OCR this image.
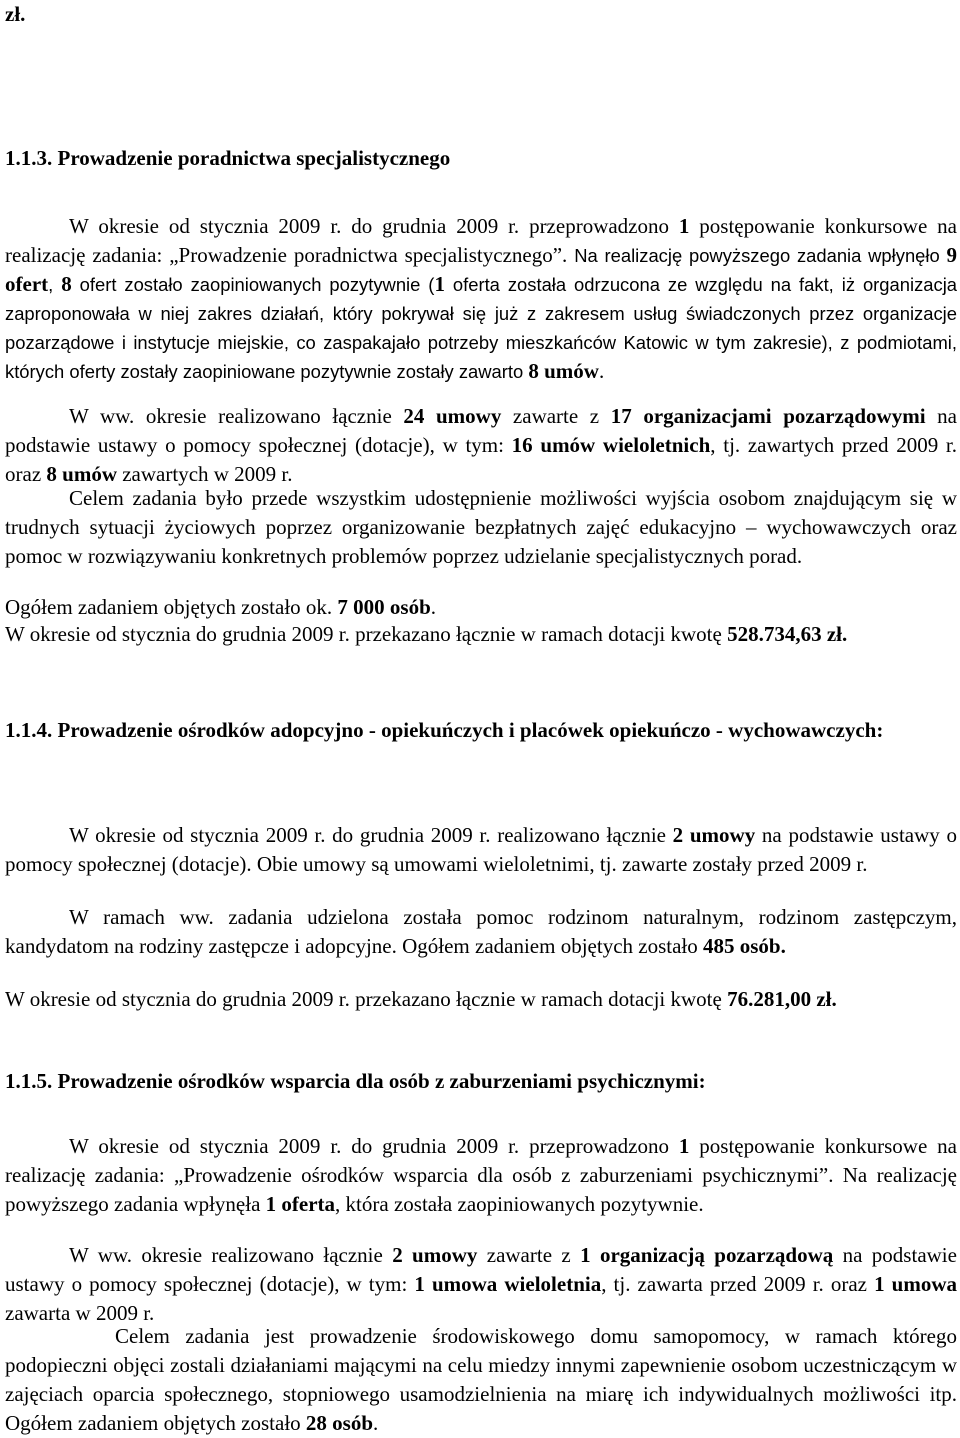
zł.

1.1.3. Prowadzenie poradnictwa specjalistycznego

W okresie od stycznia 2009 r. do grudnia 2009 r. przeprowadzono 1 postępowanie konkursowe na realizację zadania: „Prowadzenie poradnictwa specjalistycznego”. Na realizację powyższego zadania wpłynęło 9 ofert, 8 ofert zostało zaopiniowanych pozytywnie (1 oferta została odrzucona ze względu na fakt, iż organizacja zaproponowała w niej zakres działań, który pokrywał się już z zakresem usług świadczonych przez organizacje pozarządowe i instytucje miejskie, co zaspakajało potrzeby mieszkańców Katowic w tym zakresie), z podmiotami, których oferty zostały zaopiniowane pozytywnie zostały zawarto 8 umów.

W ww. okresie realizowano łącznie 24 umowy zawarte z 17 organizacjami pozarządowymi na podstawie ustawy o pomocy społecznej (dotacje), w tym: 16 umów wieloletnich, tj. zawartych przed 2009 r. oraz 8 umów zawartych w 2009 r.

Celem zadania było przede wszystkim udostępnienie możliwości wyjścia osobom znajdującym się w trudnych sytuacji życiowych poprzez organizowanie bezpłatnych zajęć edukacyjno – wychowawczych oraz pomoc w rozwiązywaniu konkretnych problemów poprzez udzielanie specjalistycznych porad.

Ogółem zadaniem objętych zostało ok. 7 000 osób.

W okresie od stycznia do grudnia 2009 r. przekazano łącznie w ramach dotacji kwotę 528.734,63 zł.

1.1.4. Prowadzenie ośrodków adopcyjno - opiekuńczych i placówek opiekuńczo - wychowawczych:

W okresie od stycznia 2009 r. do grudnia 2009 r. realizowano łącznie 2 umowy na podstawie ustawy o pomocy społecznej (dotacje). Obie umowy są umowami wieloletnimi, tj. zawarte zostały przed 2009 r.

W ramach ww. zadania udzielona została pomoc rodzinom naturalnym, rodzinom zastępczym, kandydatom na rodziny zastępcze i adopcyjne. Ogółem zadaniem objętych zostało 485 osób.

W okresie od stycznia do grudnia 2009 r. przekazano łącznie w ramach dotacji kwotę 76.281,00 zł.

1.1.5. Prowadzenie ośrodków wsparcia dla osób z zaburzeniami psychicznymi:

W okresie od stycznia 2009 r. do grudnia 2009 r. przeprowadzono 1 postępowanie konkursowe na realizację zadania: „Prowadzenie ośrodków wsparcia dla osób z zaburzeniami psychicznymi”. Na realizację powyższego zadania wpłynęła 1 oferta, która została zaopiniowanych pozytywnie.

W ww. okresie realizowano łącznie 2 umowy zawarte z 1 organizacją pozarządową na podstawie ustawy o pomocy społecznej (dotacje), w tym: 1 umowa wieloletnia, tj. zawarta przed 2009 r. oraz 1 umowa zawarta w 2009 r.

Celem zadania jest prowadzenie środowiskowego domu samopomocy, w ramach którego podopieczni objęci zostali działaniami mającymi na celu miedzy innymi zapewnienie osobom uczestniczącym w zajęciach oparcia społecznego, stopniowego usamodzielnienia na miarę ich indywidualnych możliwości itp. Ogółem zadaniem objętych zostało 28 osób.
